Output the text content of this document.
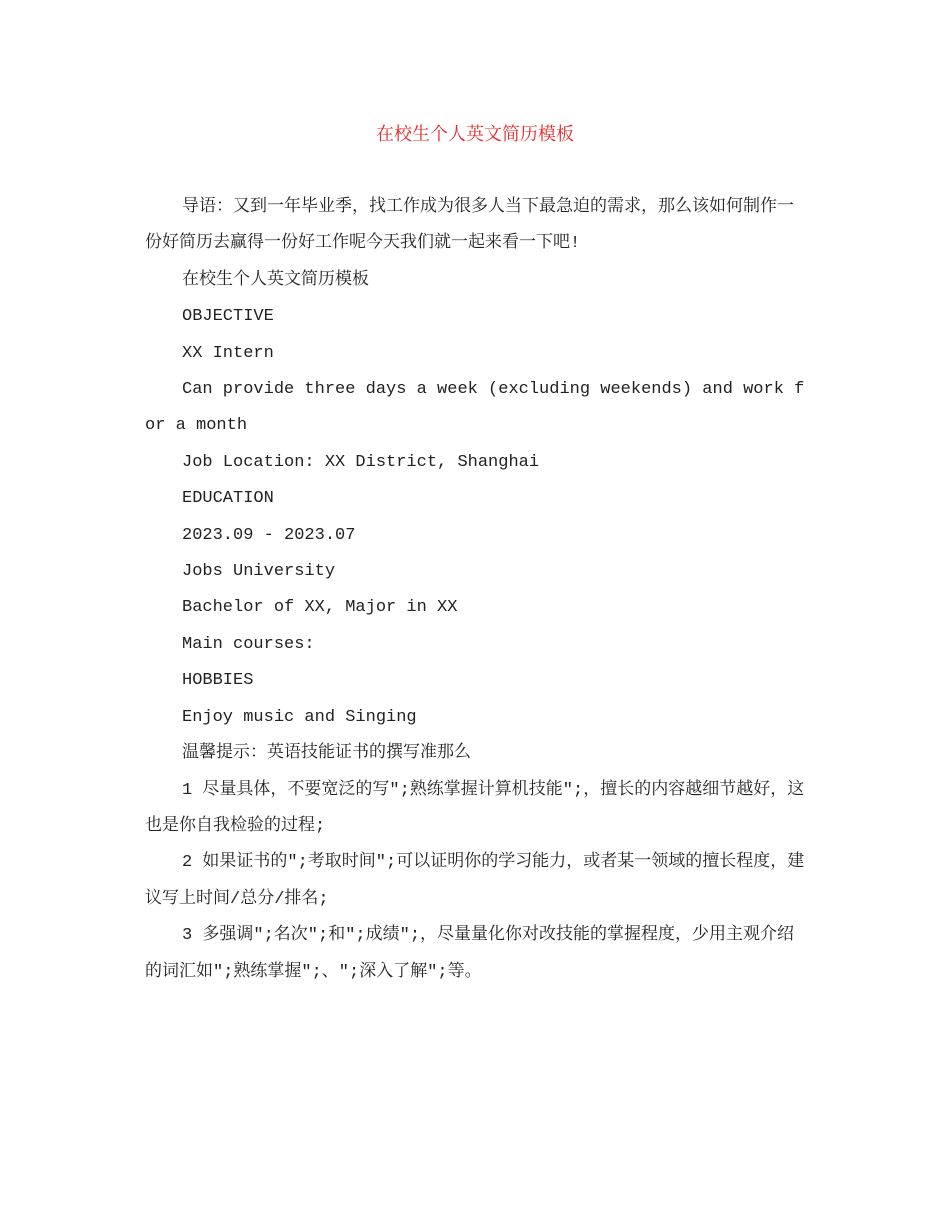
在校生个人英文简历模板

导语：又到一年毕业季，找工作成为很多人当下最急迫的需求，那么该如何制作一份好简历去赢得一份好工作呢今天我们就一起来看一下吧!

在校生个人英文简历模板

OBJECTIVE

XX Intern

Can provide three days a week (excluding weekends) and work for a month

Job Location: XX District, Shanghai

EDUCATION

2023.09 - 2023.07

Jobs University

Bachelor of XX, Major in XX

Main courses:

HOBBIES

Enjoy music and Singing

温馨提示：英语技能证书的撰写准那么

1 尽量具体，不要宽泛的写″;熟练掌握计算机技能″;，擅长的内容越细节越好，这也是你自我检验的过程;

2 如果证书的″;考取时间″;可以证明你的学习能力，或者某一领域的擅长程度，建议写上时间/总分/排名;

3 多强调″;名次″;和″;成绩″;，尽量量化你对改技能的掌握程度，少用主观介绍的词汇如″;熟练掌握″;、″;深入了解″;等。
